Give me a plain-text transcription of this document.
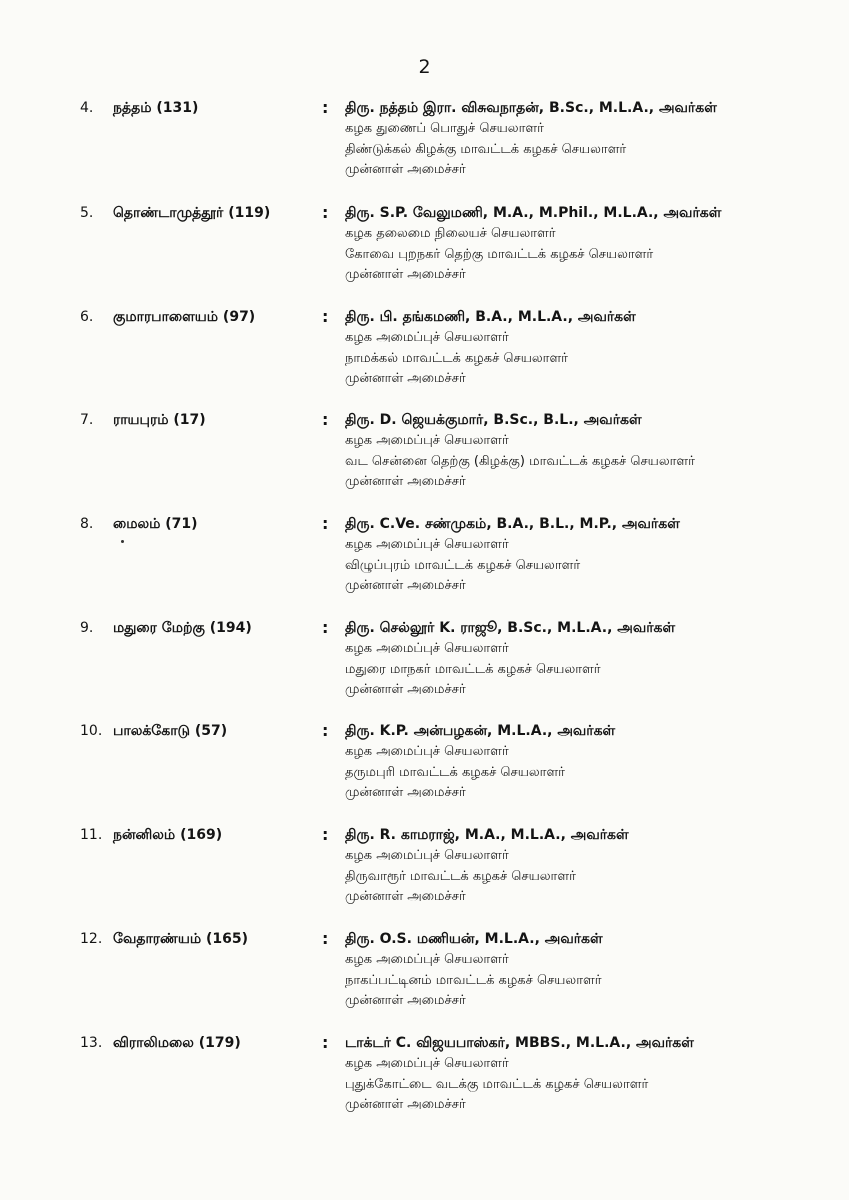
2
4.	நத்தம் (131)	: திரு. நத்தம் இரா. விசுவநாதன், B.Sc., M.L.A., அவர்கள்
கழக துணைப் பொதுச் செயலாளர்
திண்டுக்கல் கிழக்கு மாவட்டக் கழகச் செயலாளர்
முன்னாள் அமைச்சர்
5.	தொண்டாமுத்தூர் (119)	: திரு. S.P. வேலுமணி, M.A., M.Phil., M.L.A., அவர்கள்
கழக தலைமை நிலையச் செயலாளர்
கோவை புறநகர் தெற்கு மாவட்டக் கழகச் செயலாளர்
முன்னாள் அமைச்சர்
6.	குமாரபாளையம் (97)	: திரு. பி. தங்கமணி, B.A., M.L.A., அவர்கள்
கழக அமைப்புச் செயலாளர்
நாமக்கல் மாவட்டக் கழகச் செயலாளர்
முன்னாள் அமைச்சர்
7.	ராயபுரம் (17)	: திரு. D. ஜெயக்குமார், B.Sc., B.L., அவர்கள்
கழக அமைப்புச் செயலாளர்
வட சென்னை தெற்கு (கிழக்கு) மாவட்டக் கழகச் செயலாளர்
முன்னாள் அமைச்சர்
8.	மைலம் (71)	: திரு. C.Ve. சண்முகம், B.A., B.L., M.P., அவர்கள்
கழக அமைப்புச் செயலாளர்
விழுப்புரம் மாவட்டக் கழகச் செயலாளர்
முன்னாள் அமைச்சர்
9.	மதுரை மேற்கு (194)	: திரு. செல்லூர் K. ராஜூ, B.Sc., M.L.A., அவர்கள்
கழக அமைப்புச் செயலாளர்
மதுரை மாநகர் மாவட்டக் கழகச் செயலாளர்
முன்னாள் அமைச்சர்
10. பாலக்கோடு (57)	: திரு. K.P. அன்பழகன், M.L.A., அவர்கள்
கழக அமைப்புச் செயலாளர்
தருமபுரி மாவட்டக் கழகச் செயலாளர்
முன்னாள் அமைச்சர்
11. நன்னிலம் (169)	: திரு. R. காமராஜ், M.A., M.L.A., அவர்கள்
கழக அமைப்புச் செயலாளர்
திருவாரூர் மாவட்டக் கழகச் செயலாளர்
முன்னாள் அமைச்சர்
12. வேதாரண்யம் (165)	: திரு. O.S. மணியன், M.L.A., அவர்கள்
கழக அமைப்புச் செயலாளர்
நாகப்பட்டினம் மாவட்டக் கழகச் செயலாளர்
முன்னாள் அமைச்சர்
13. விராலிமலை (179)	: டாக்டர் C. விஜயபாஸ்கர், MBBS., M.L.A., அவர்கள்
கழக அமைப்புச் செயலாளர்
புதுக்கோட்டை வடக்கு மாவட்டக் கழகச் செயலாளர்
முன்னாள் அமைச்சர்
